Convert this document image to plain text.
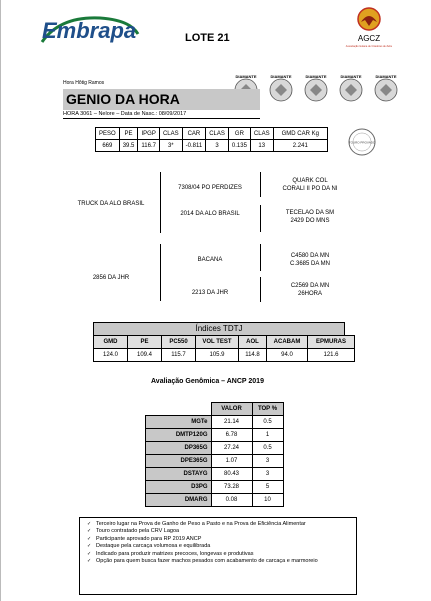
Embrapa	LOTE 21	AGCZ
Associação Goiana de Criadores de Zebu
Hora Hôtig Ramos
DIAMANTE	DIAMANTE	DIAMANTE	DIAMANTE	DIAMANTE
GENIO DA HORA
HORA 3061 – Nelore – Data de Nasc.: 08/09/2017
PESO	PE	IPGP	CLAS	CAR	CLAS	GR	CLAS	GMD CAR Kg
669	39.5	116.7	3*	-0.811	3	0.135	13	2.241	TOURO PROVADO
TRUCK DA ALO BRASIL
7308/04 PO PERDIZES
2014 DA ALO BRASIL
QUARK COL
CORALI II PO DA NI
TECELAO DA SM
2429 DO MNS
2856 DA JHR
BACANA
2213 DA JHR
C4580 DA MN
C.3685 DA MN
C2569 DA MN
26HORA
Índices TDTJ
GMD	PE	PC550	VOL TEST	AOL	ACABAM	EPMURAS
124.0	109.4	115.7	105.9	114.8	94.0	121.6
Avaliação Genômica – ANCP 2019
	VALOR	TOP %
MGTe	21.14	0.5
DMTP120G	6.78	1
DP365G	27.24	0.5
DPE365G	1.07	3
DSTAYG	80.43	3
D3PG	73.28	5
DMARG	0.08	10
✓ Terceiro lugar na Prova de Ganho de Peso a Pasto e na Prova de Eficiência Alimentar
✓ Touro contratado pela CRV Lagoa
✓ Participante aprovado para RP 2019 ANCP
✓ Destaque pela carcaça volumosa e equilibrada
✓ Indicado para produzir matrizes precoces, longevas e produtivas
✓ Opção para quem busca fazer machos pesados com acabamento de carcaça e marmoreio
